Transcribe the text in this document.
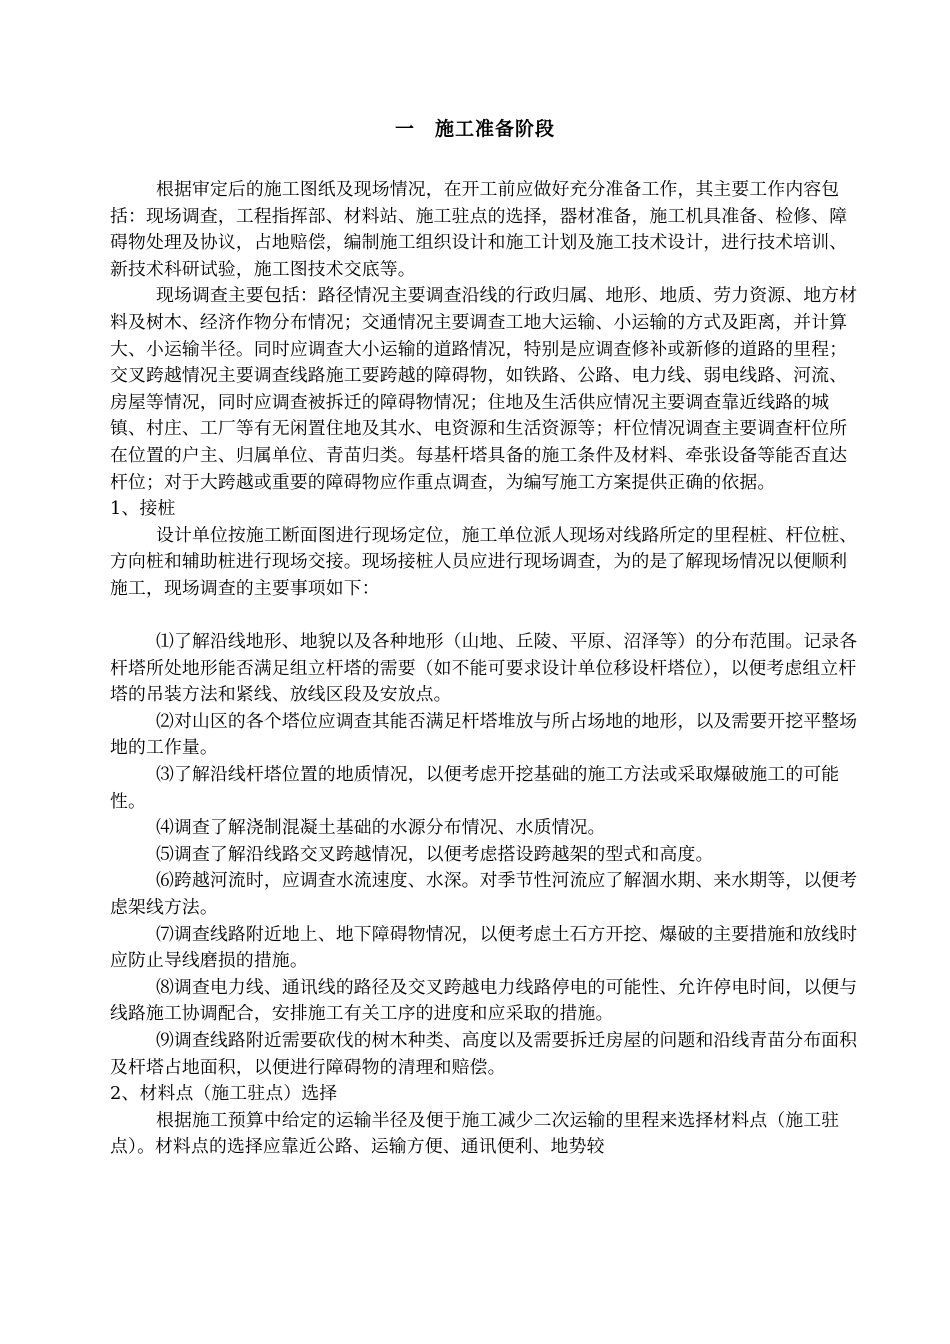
一　施工准备阶段

根据审定后的施工图纸及现场情况，在开工前应做好充分准备工作，其主要工作内容包括：现场调查，工程指挥部、材料站、施工驻点的选择，器材准备，施工机具准备、检修、障碍物处理及协议，占地赔偿，编制施工组织设计和施工计划及施工技术设计，进行技术培训、新技术科研试验，施工图技术交底等。

现场调查主要包括：路径情况主要调查沿线的行政归属、地形、地质、劳力资源、地方材料及树木、经济作物分布情况；交通情况主要调查工地大运输、小运输的方式及距离，并计算大、小运输半径。同时应调查大小运输的道路情况，特别是应调查修补或新修的道路的里程；交叉跨越情况主要调查线路施工要跨越的障碍物，如铁路、公路、电力线、弱电线路、河流、房屋等情况，同时应调查被拆迁的障碍物情况；住地及生活供应情况主要调查靠近线路的城镇、村庄、工厂等有无闲置住地及其水、电资源和生活资源等；杆位情况调查主要调查杆位所在位置的户主、归属单位、青苗归类。每基杆塔具备的施工条件及材料、牵张设备等能否直达杆位；对于大跨越或重要的障碍物应作重点调查，为编写施工方案提供正确的依据。

1、接桩

设计单位按施工断面图进行现场定位，施工单位派人现场对线路所定的里程桩、杆位桩、方向桩和辅助桩进行现场交接。现场接桩人员应进行现场调查，为的是了解现场情况以便顺利施工，现场调查的主要事项如下：

⑴了解沿线地形、地貌以及各种地形（山地、丘陵、平原、沼泽等）的分布范围。记录各杆塔所处地形能否满足组立杆塔的需要（如不能可要求设计单位移设杆塔位），以便考虑组立杆塔的吊装方法和紧线、放线区段及安放点。

⑵对山区的各个塔位应调查其能否满足杆塔堆放与所占场地的地形，以及需要开挖平整场地的工作量。

⑶了解沿线杆塔位置的地质情况，以便考虑开挖基础的施工方法或采取爆破施工的可能性。

⑷调查了解浇制混凝土基础的水源分布情况、水质情况。

⑸调查了解沿线路交叉跨越情况，以便考虑搭设跨越架的型式和高度。

⑹跨越河流时，应调查水流速度、水深。对季节性河流应了解涸水期、来水期等，以便考虑架线方法。

⑺调查线路附近地上、地下障碍物情况，以便考虑土石方开挖、爆破的主要措施和放线时应防止导线磨损的措施。

⑻调查电力线、通讯线的路径及交叉跨越电力线路停电的可能性、允许停电时间，以便与线路施工协调配合，安排施工有关工序的进度和应采取的措施。

⑼调查线路附近需要砍伐的树木种类、高度以及需要拆迁房屋的问题和沿线青苗分布面积及杆塔占地面积，以便进行障碍物的清理和赔偿。

2、材料点（施工驻点）选择

根据施工预算中给定的运输半径及便于施工减少二次运输的里程来选择材料点（施工驻点）。材料点的选择应靠近公路、运输方便、通讯便利、地势较
